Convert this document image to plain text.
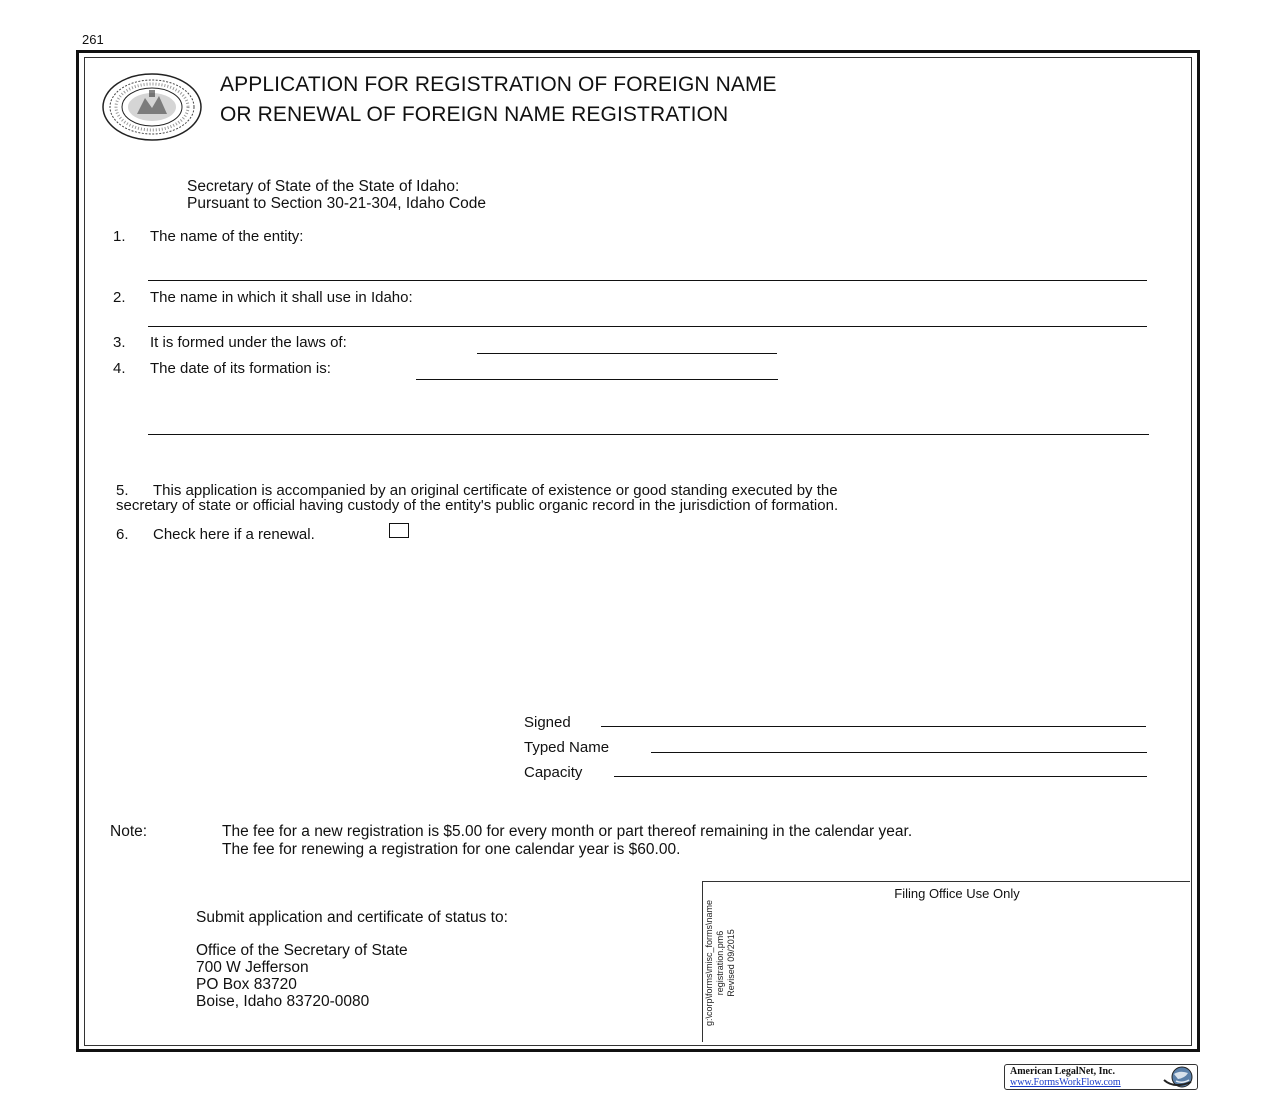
261
APPLICATION FOR REGISTRATION OF FOREIGN NAME
OR RENEWAL OF FOREIGN NAME REGISTRATION
Secretary of State of the State of Idaho:
Pursuant to Section 30-21-304, Idaho Code
1. The name of the entity:
2. The name in which it shall use in Idaho:
3. It is formed under the laws of:
4. The date of its formation is:
5. This application is accompanied by an original certificate of existence or good standing executed by the
secretary of state or official having custody of the entity's public organic record in the jurisdiction of formation.
6. Check here if a renewal.
Signed
Typed Name
Capacity
Note:	The fee for a new registration is $5.00 for every month or part thereof remaining in the calendar year.
The fee for renewing a registration for one calendar year is $60.00.
Submit application and certificate of status to:
Office of the Secretary of State
700 W Jefferson
PO Box 83720
Boise, Idaho 83720-0080
Filing Office Use Only
g:\corp\forms\misc_forms\name registration.pm6 Revised 09/2015
American LegalNet, Inc.
www.FormsWorkFlow.com
